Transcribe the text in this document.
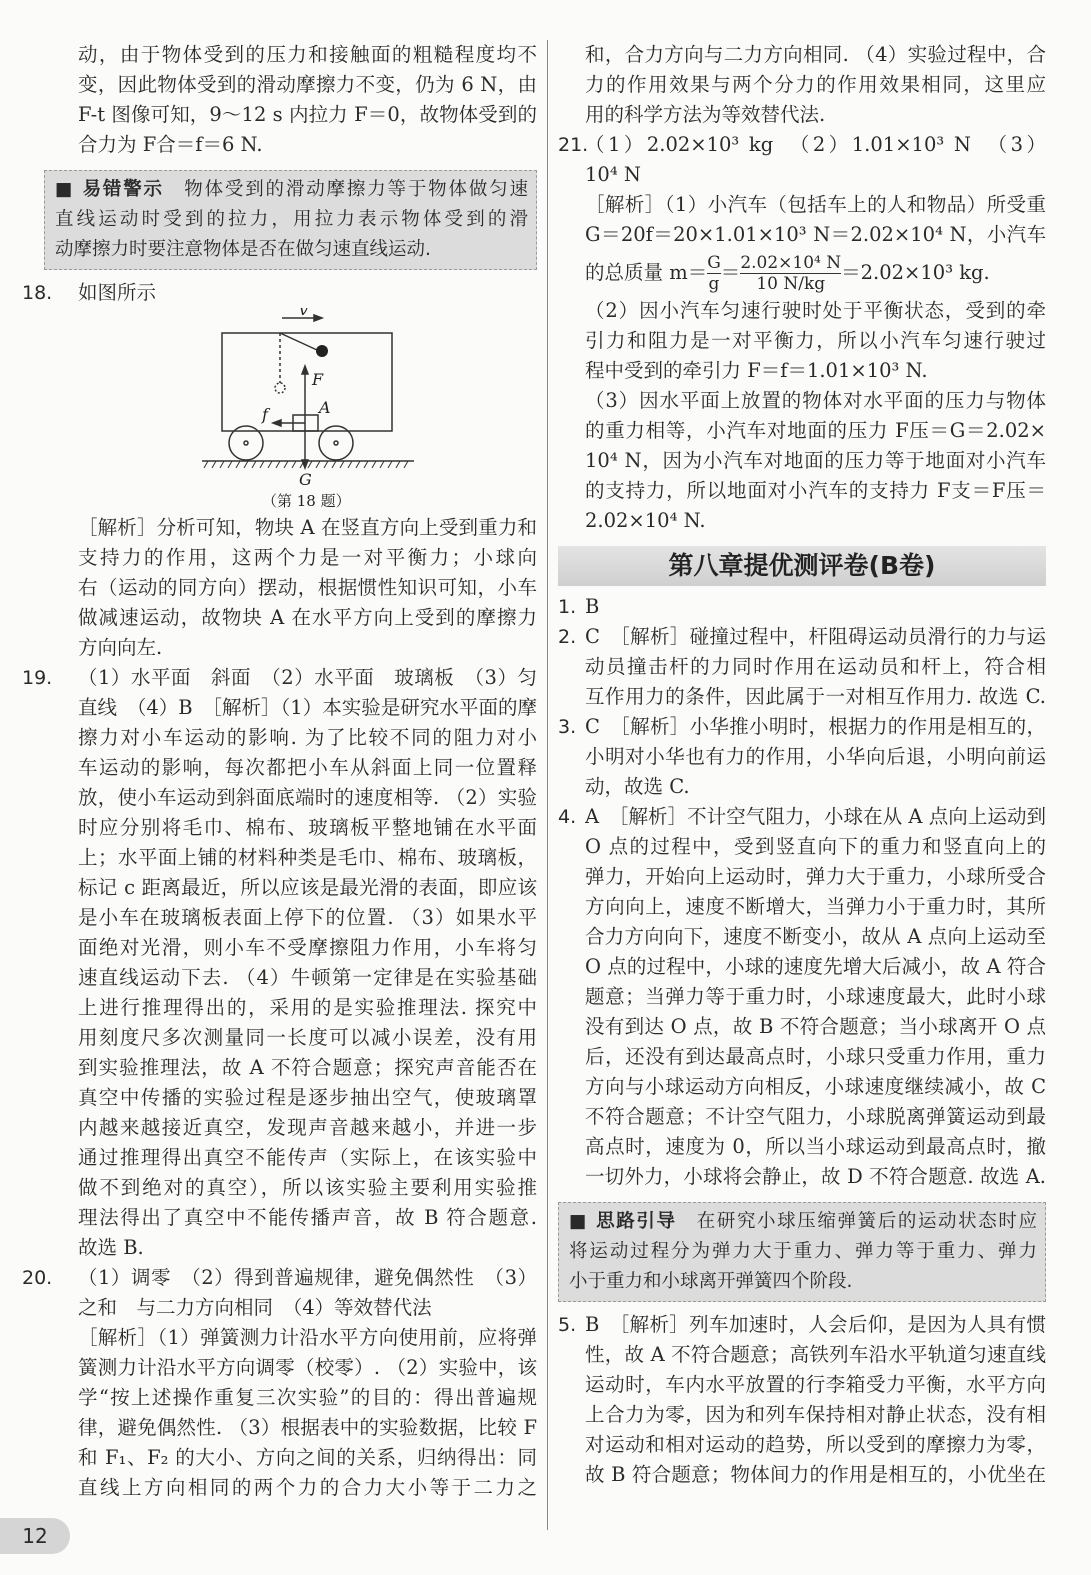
动，由于物体受到的压力和接触面的粗糙程度均不
变，因此物体受到的滑动摩擦力不变，仍为 6 N，由
F-t 图像可知，9～12 s 内拉力 F＝0，故物体受到的
合力为 F合＝f＝6 N.
■ 易错警示　 物体受到的滑动摩擦力等于物体做匀速
直线运动时受到的拉力，用拉力表示物体受到的滑
动摩擦力时要注意物体是否在做匀速直线运动.
18. 如图所示
v
F
A
f
G
（第 18 题）
［解析］分析可知，物块 A 在竖直方向上受到重力和
支持力的作用，这两个力是一对平衡力；小球向
右（运动的同方向）摆动，根据惯性知识可知，小车
做减速运动，故物块 A 在水平方向上受到的摩擦力
方向向左.
19. （1）水平面　斜面　（2）水平面　玻璃板　（3）匀
直线　（4）B　［解析］（1）本实验是研究水平面的摩
擦力对小车运动的影响. 为了比较不同的阻力对小
车运动的影响，每次都把小车从斜面上同一位置释
放，使小车运动到斜面底端时的速度相等. （2）实验
时应分别将毛巾、棉布、玻璃板平整地铺在水平面
上；水平面上铺的材料种类是毛巾、棉布、玻璃板，
标记 c 距离最近，所以应该是最光滑的表面，即应该
是小车在玻璃板表面上停下的位置. （3）如果水平
面绝对光滑，则小车不受摩擦阻力作用，小车将匀
速直线运动下去. （4）牛顿第一定律是在实验基础
上进行推理得出的，采用的是实验推理法. 探究中
用刻度尺多次测量同一长度可以减小误差，没有用
到实验推理法，故 A 不符合题意；探究声音能否在
真空中传播的实验过程是逐步抽出空气，使玻璃罩
内越来越接近真空，发现声音越来越小，并进一步
通过推理得出真空不能传声（实际上，在该实验中
做不到绝对的真空），所以该实验主要利用实验推
理法得出了真空中不能传播声音，故 B 符合题意.
故选 B.
20. （1）调零　（2）得到普遍规律，避免偶然性　（3）
之和　与二力方向相同　（4）等效替代法
［解析］（1）弹簧测力计沿水平方向使用前，应将弹
簧测力计沿水平方向调零（校零）. （2）实验中，该
学“按上述操作重复三次实验”的目的：得出普遍规
律，避免偶然性. （3）根据表中的实验数据，比较 F
和 F₁、F₂ 的大小、方向之间的关系，归纳得出：同
直线上方向相同的两个力的合力大小等于二力之
和，合力方向与二力方向相同. （4）实验过程中，合
力的作用效果与两个分力的作用效果相同，这里应
用的科学方法为等效替代法.
21.
（1）2.02×10³ kg　（2）1.01×10³ N　（3）
10⁴ N
［解析］（1）小汽车（包括车上的人和物品）所受重
G＝20f＝20×1.01×10³ N＝2.02×10⁴ N，小汽车
的总质量 $m= \frac{G}{g} = \frac{\text{2.02×10⁴ N}}{10 N/kg} =2.02\times 10^3$ kg.
（2）因小汽车匀速行驶时处于平衡状态，受到的牵
引力和阻力是一对平衡力，所以小汽车匀速行驶过
程中受到的牵引力 F＝f＝1.01×10³ N.
（3）因水平面上放置的物体对水平面的压力与物体
的重力相等，小汽车对地面的压力 F压＝G＝2.02×
10⁴ N，因为小汽车对地面的压力等于地面对小汽车
的支持力，所以地面对小汽车的支持力 F支＝F压＝
2.02×10⁴ N.
第八章提优测评卷(B卷)
1. B
2. C　［解析］碰撞过程中，杆阻碍运动员滑行的力与运
动员撞击杆的力同时作用在运动员和杆上，符合相
互作用力的条件，因此属于一对相互作用力. 故选 C.
3. C　［解析］小华推小明时，根据力的作用是相互的，
小明对小华也有力的作用，小华向后退，小明向前运
动，故选 C.
4. A　［解析］不计空气阻力，小球在从 A 点向上运动到
O 点的过程中，受到竖直向下的重力和竖直向上的
弹力，开始向上运动时，弹力大于重力，小球所受合
方向向上，速度不断增大，当弹力小于重力时，其所
合力方向向下，速度不断变小，故从 A 点向上运动至
O 点的过程中，小球的速度先增大后减小，故 A 符合
题意；当弹力等于重力时，小球速度最大，此时小球
没有到达 O 点，故 B 不符合题意；当小球离开 O 点
后，还没有到达最高点时，小球只受重力作用，重力
方向与小球运动方向相反，小球速度继续减小，故 C
不符合题意；不计空气阻力，小球脱离弹簧运动到最
高点时，速度为 0，所以当小球运动到最高点时，撤
一切外力，小球将会静止，故 D 不符合题意. 故选 A.
■ 思路引导　 在研究小球压缩弹簧后的运动状态时应
将运动过程分为弹力大于重力、弹力等于重力、弹力
小于重力和小球离开弹簧四个阶段.
5. B　［解析］列车加速时，人会后仰，是因为人具有惯
性，故 A 不符合题意；高铁列车沿水平轨道匀速直线
运动时，车内水平放置的行李箱受力平衡，水平方向
上合力为零，因为和列车保持相对静止状态，没有相
对运动和相对运动的趋势，所以受到的摩擦力为零，
故 B 符合题意；物体间力的作用是相互的，小优坐在
12
